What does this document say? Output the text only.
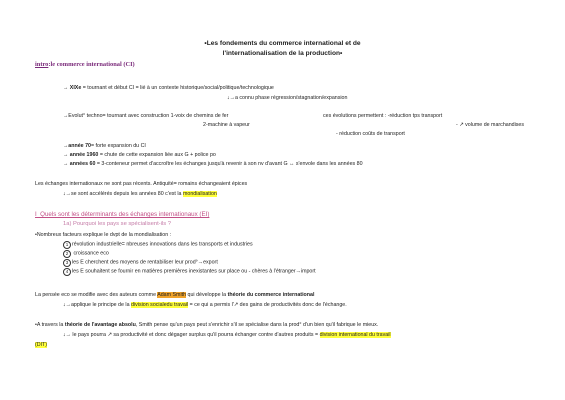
•Les fondements du commerce international et de
l'internationalisation de la production•
intro:le commerce international (CI)
→ XIXe = tournant et début CI = lié à un contexte historique/social/politique/technologique
↓→a connu phase régression/stagnation/expansion
→Evolut° techno= tournant avec construction 1-voix de chemins de fer
2-machine à vapeur
ces évolutions permettent : -réduction tps transport
- ↗ volume de marchandises
- réduction coûts de transport
→année 70= forte expansion du CI
→ année 1960 = chute de cette expansion liée aux G + police po
→ années 60 = 3-conteneur permet d'accroître les échanges jusqu'à revenir à son nv d'avant G ↔ s'envole dans les années 80
Les échanges internationaux ne sont pas récents. Antiquité= romains échangeaient épices
↓→se sont accélérés depuis les années 80 c'est la mondialisation
I_Quels sont les déterminants des échanges internationaux (EI)
1a) Pourquoi les pays se spécialisent-ils ?
•Nombreux facteurs explique le dvpt de la mondialisation :
1 révolution industrielle= nbreuses innovations dans les transports et industries
2 croissance eco
3 les E cherchent des moyens de rentabiliser leur prod°→export
4 les E souhaitent se fournir en matières premières inexistantes sur place ou - chères à l'étranger→import
La pensée eco se modifie avec des auteurs comme Adam Smith qui développe la théorie du commerce international
↓→applique le principe de la division socialedu travail = ce qui a permis l'↗ des gains de productivités donc de l'échange.
•A travers la théorie de l'avantage absolu, Smith pense qu'un pays peut s'enrichir s'il se spécialise dans la prod° d'un bien qu'il fabrique le mieux.
↓→ le pays pourra ↗ sa productivité et donc dégager surplus qu'il pourra échanger contre d'autres produits = division international du travail
(DIT)
